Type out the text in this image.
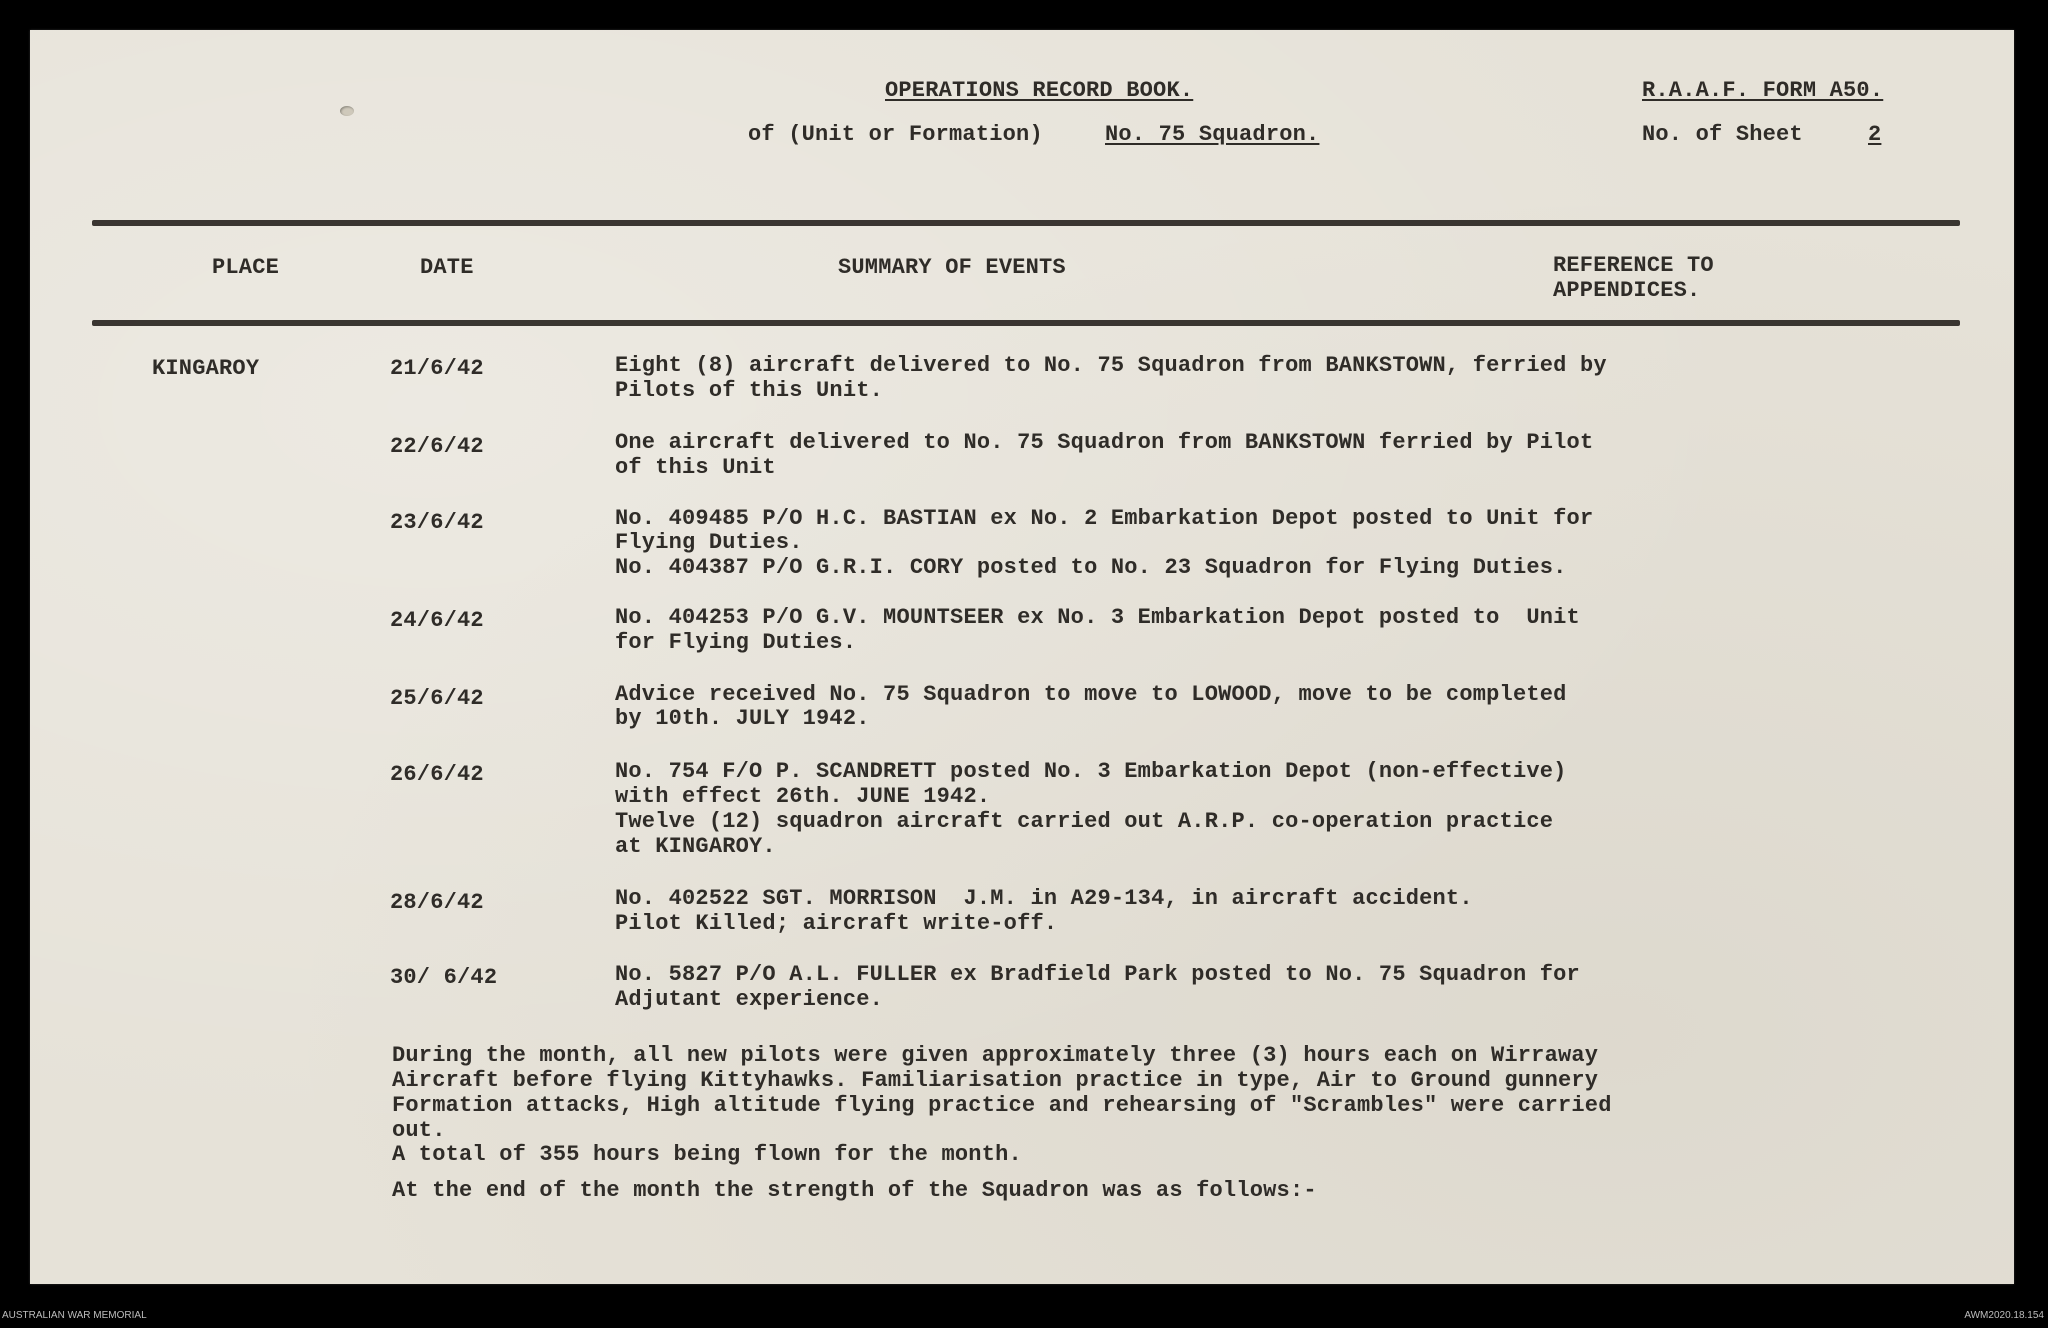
OPERATIONS RECORD BOOK.	R.A.A.F. FORM A50.
of (Unit or Formation)	No. 75 Squadron.	No. of Sheet	2
PLACE	DATE	SUMMARY OF EVENTS	REFERENCE TO
APPENDICES.
KINGAROY	21/6/42	Eight (8) aircraft delivered to No. 75 Squadron from BANKSTOWN, ferried by
Pilots of this Unit.
22/6/42	One aircraft delivered to No. 75 Squadron from BANKSTOWN ferried by Pilot
of this Unit
23/6/42	No. 409485 P/O H.C. BASTIAN ex No. 2 Embarkation Depot posted to Unit for
Flying Duties.
No. 404387 P/O G.R.I. CORY posted to No. 23 Squadron for Flying Duties.
24/6/42	No. 404253 P/O G.V. MOUNTSEER ex No. 3 Embarkation Depot posted to  Unit
for Flying Duties.
25/6/42	Advice received No. 75 Squadron to move to LOWOOD, move to be completed
by 10th. JULY 1942.
26/6/42	No. 754 F/O P. SCANDRETT posted No. 3 Embarkation Depot (non-effective)
with effect 26th. JUNE 1942.
Twelve (12) squadron aircraft carried out A.R.P. co-operation practice
at KINGAROY.
28/6/42	No. 402522 SGT. MORRISON  J.M. in A29-134, in aircraft accident.
Pilot Killed; aircraft write-off.
30/ 6/42	No. 5827 P/O A.L. FULLER ex Bradfield Park posted to No. 75 Squadron for
Adjutant experience.
During the month, all new pilots were given approximately three (3) hours each on Wirraway
Aircraft before flying Kittyhawks. Familiarisation practice in type, Air to Ground gunnery
Formation attacks, High altitude flying practice and rehearsing of "Scrambles" were carried
out.
A total of 355 hours being flown for the month.
At the end of the month the strength of the Squadron was as follows:-
AUSTRALIAN WAR MEMORIAL	AWM2020.18.154
